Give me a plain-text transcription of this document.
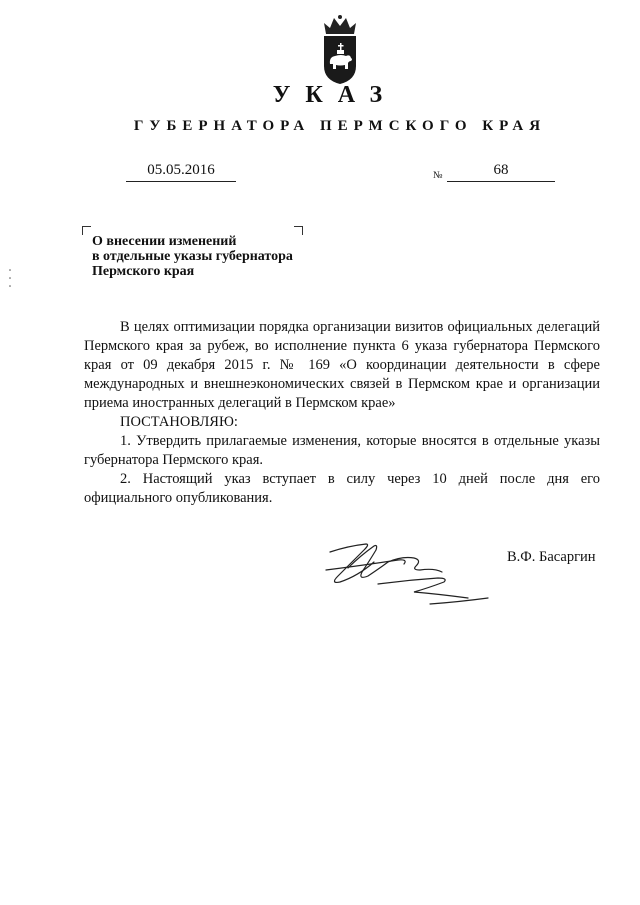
УКАЗ
ГУБЕРНАТОРА ПЕРМСКОГО КРАЯ
05.05.2016	№	68
О внесении изменений
в отдельные указы губернатора
Пермского края

В целях оптимизации порядка организации визитов официальных делегаций Пермского края за рубеж, во исполнение пункта 6 указа губернатора Пермского края от 09 декабря 2015 г. № 169 «О координации деятельности в сфере международных и внешнеэкономических связей в Пермском крае и организации приема иностранных делегаций в Пермском крае»

ПОСТАНОВЛЯЮ:

1. Утвердить прилагаемые изменения, которые вносятся в отдельные указы губернатора Пермского края.

2. Настоящий указ вступает в силу через 10 дней после дня его официального опубликования.

В.Ф. Басаргин
